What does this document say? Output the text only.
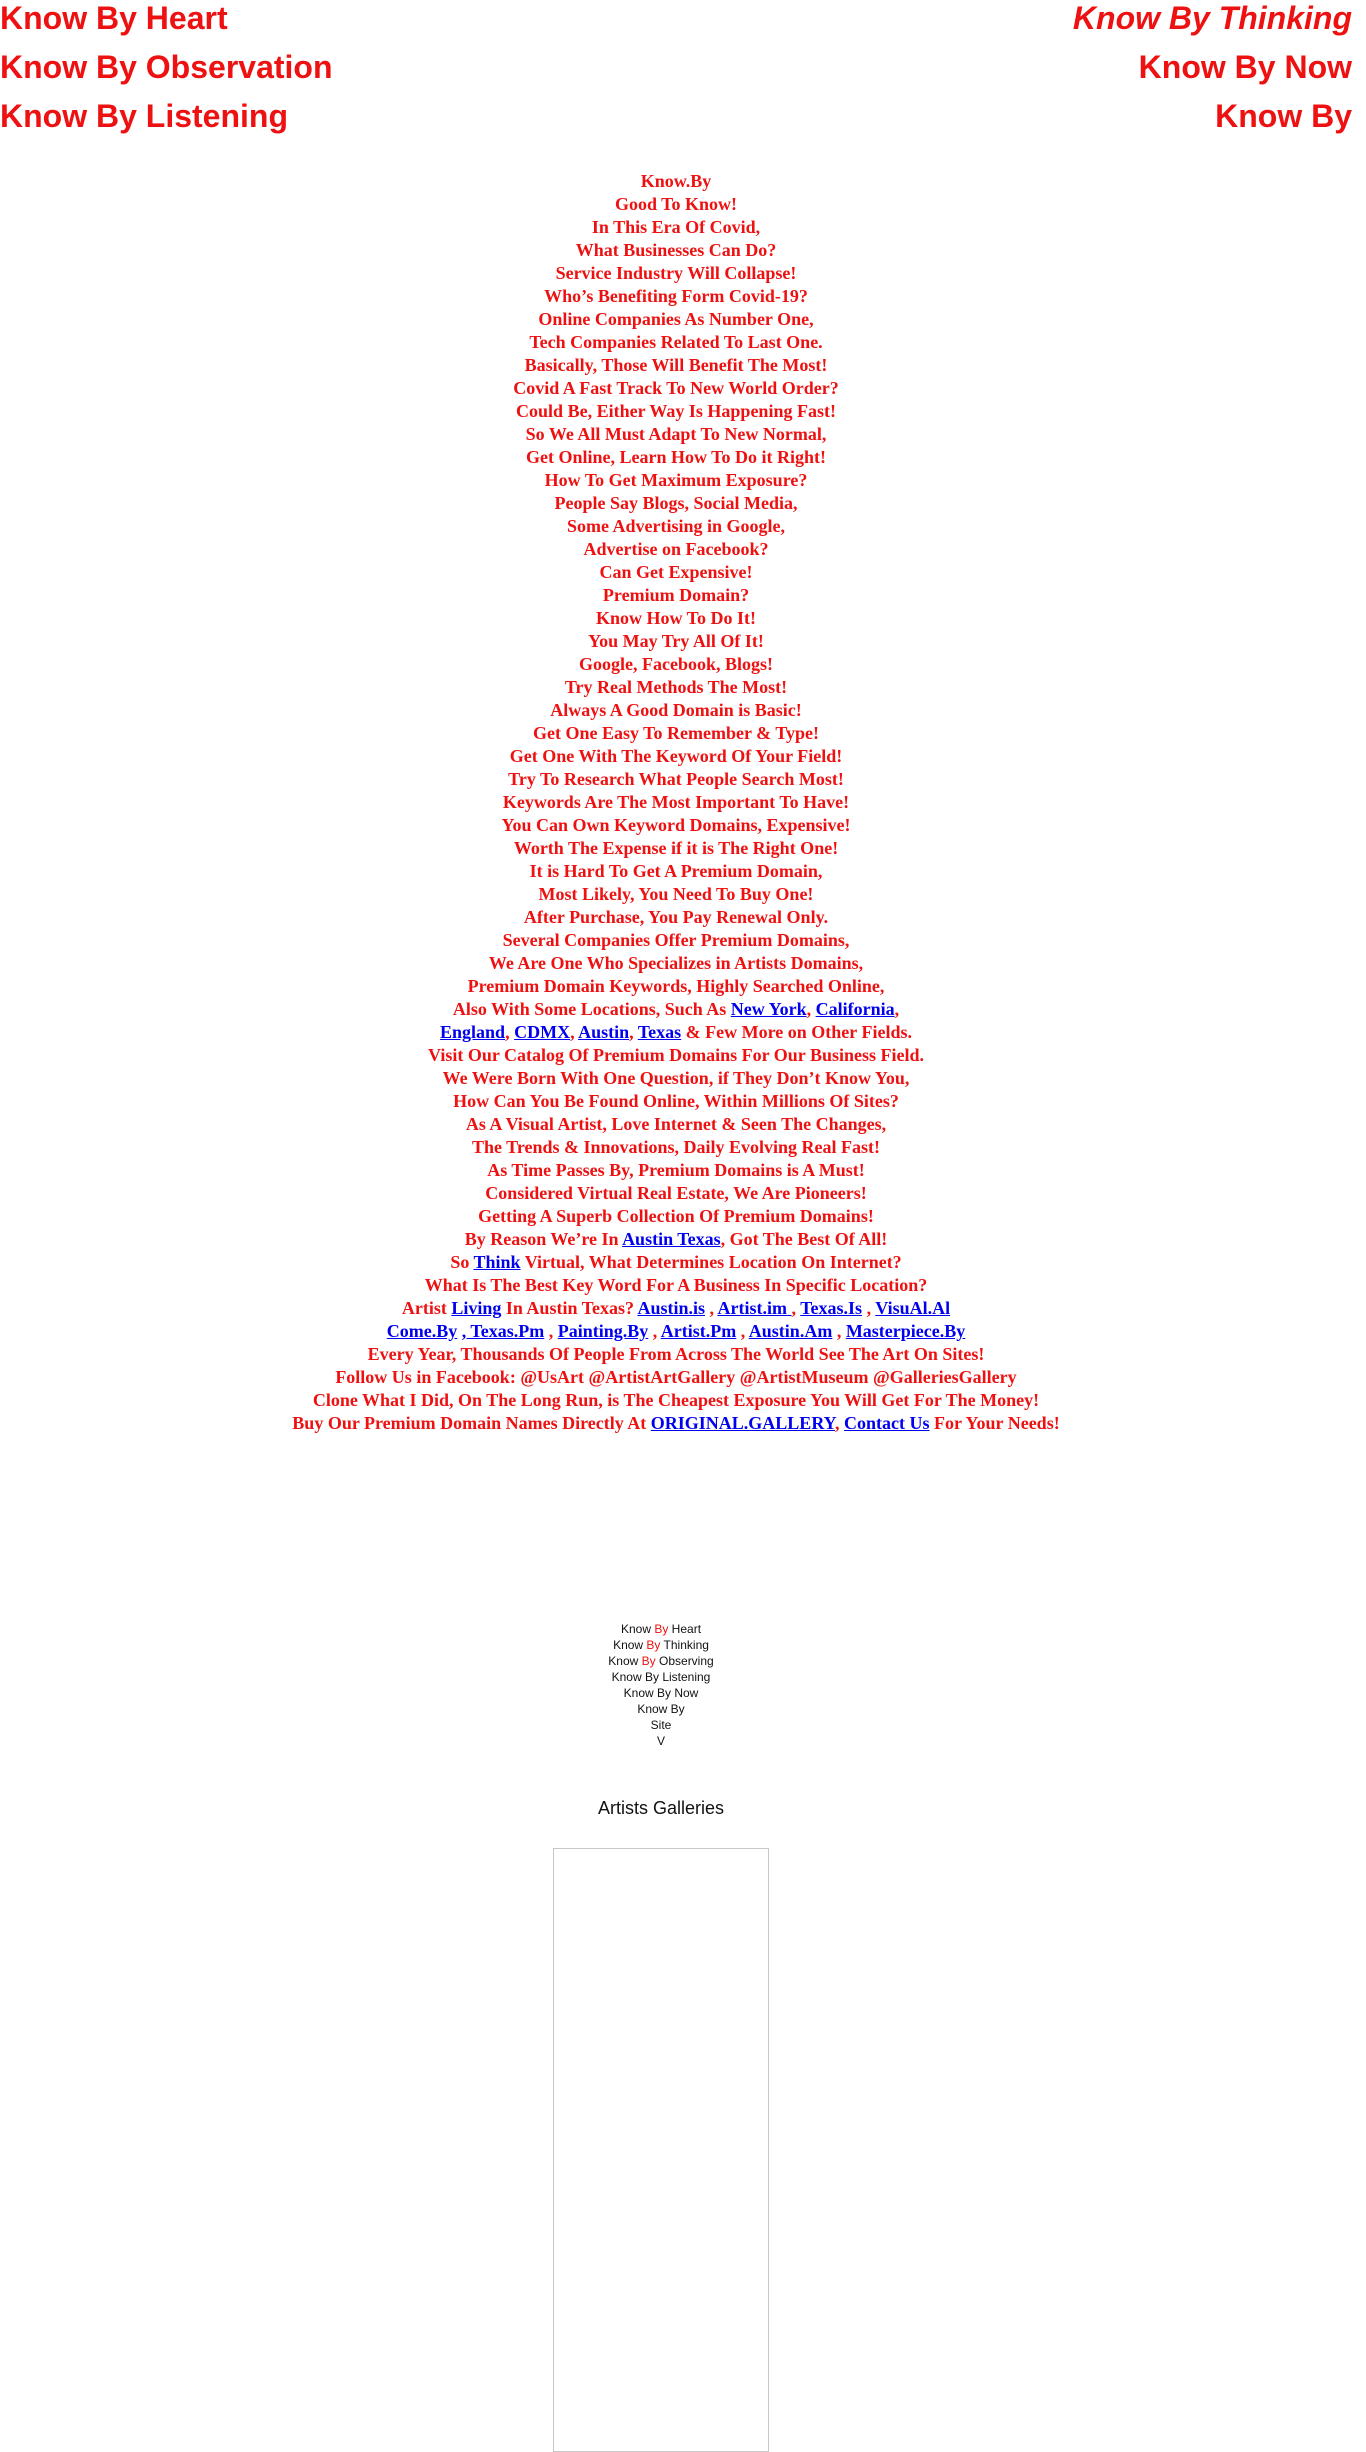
Know By Heart	Know By Thinking
Know By Observation	Know By Now
Know By Listening	Know By
Know.By
Good To Know!
In This Era Of Covid,
What Businesses Can Do?
Service Industry Will Collapse!
Who’s Benefiting Form Covid-19?
Online Companies As Number One,
Tech Companies Related To Last One.
Basically, Those Will Benefit The Most!
Covid A Fast Track To New World Order?
Could Be, Either Way Is Happening Fast!
So We All Must Adapt To New Normal,
Get Online, Learn How To Do it Right!
How To Get Maximum Exposure?
People Say Blogs, Social Media,
Some Advertising in Google,
Advertise on Facebook?
Can Get Expensive!
Premium Domain?
Know How To Do It!
You May Try All Of It!
Google, Facebook, Blogs!
Try Real Methods The Most!
Always A Good Domain is Basic!
Get One Easy To Remember & Type!
Get One With The Keyword Of Your Field!
Try To Research What People Search Most!
Keywords Are The Most Important To Have!
You Can Own Keyword Domains, Expensive!
Worth The Expense if it is The Right One!
It is Hard To Get A Premium Domain,
Most Likely, You Need To Buy One!
After Purchase, You Pay Renewal Only.
Several Companies Offer Premium Domains,
We Are One Who Specializes in Artists Domains,
Premium Domain Keywords, Highly Searched Online,
Also With Some Locations, Such As New York, California,
England, CDMX, Austin, Texas & Few More on Other Fields.
Visit Our Catalog Of Premium Domains For Our Business Field.
We Were Born With One Question, if They Don’t Know You,
How Can You Be Found Online, Within Millions Of Sites?
As A Visual Artist, Love Internet & Seen The Changes,
The Trends & Innovations, Daily Evolving Real Fast!
As Time Passes By, Premium Domains is A Must!
Considered Virtual Real Estate, We Are Pioneers!
Getting A Superb Collection Of Premium Domains!
By Reason We’re In Austin Texas, Got The Best Of All!
So Think Virtual, What Determines Location On Internet?
What Is The Best Key Word For A Business In Specific Location?
Artist Living In Austin Texas? Austin.is , Artist.im , Texas.Is , VisuAl.Al
Come.By , Texas.Pm , Painting.By , Artist.Pm , Austin.Am , Masterpiece.By
Every Year, Thousands Of People From Across The World See The Art On Sites!
Follow Us in Facebook: @UsArt @ArtistArtGallery @ArtistMuseum @GalleriesGallery
Clone What I Did, On The Long Run, is The Cheapest Exposure You Will Get For The Money!
Buy Our Premium Domain Names Directly At ORIGINAL.GALLERY, Contact Us For Your Needs!
Know By Heart
Know By Thinking
Know By Observing
Know By Listening
Know By Now
Know By
Site
V
Artists Galleries
